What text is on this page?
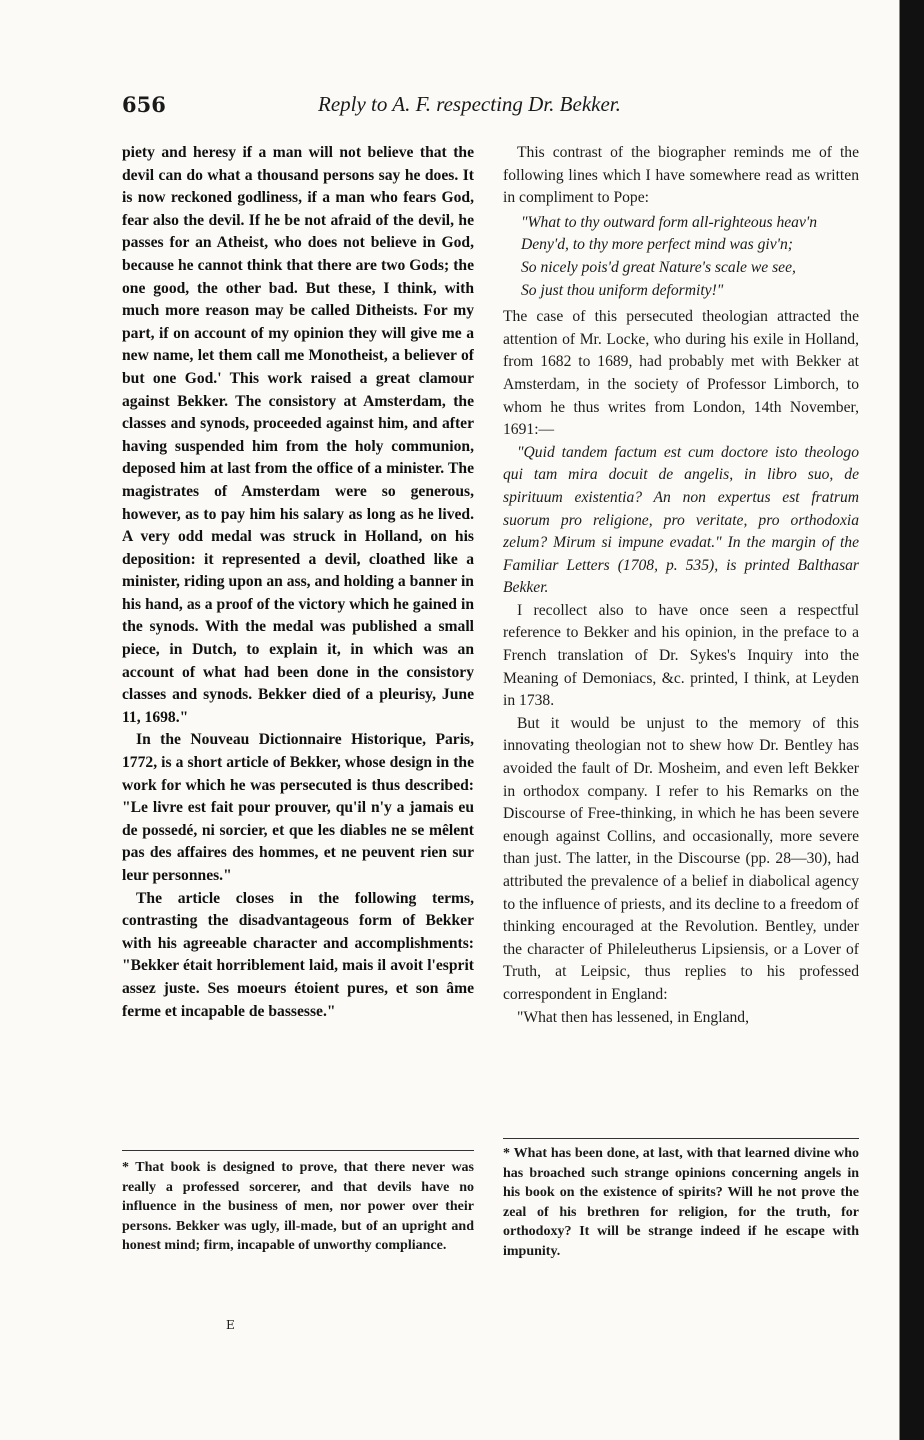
656	Reply to A. F. respecting Dr. Bekker.

piety and heresy if a man will not believe that the devil can do what a thousand persons say he does. It is now reckoned godliness, if a man who fears God, fear also the devil. If he be not afraid of the devil, he passes for an Atheist, who does not believe in God, because he cannot think that there are two Gods; the one good, the other bad. But these, I think, with much more reason may be called Ditheists. For my part, if on account of my opinion they will give me a new name, let them call me Monotheist, a believer of but one God.' This work raised a great clamour against Bekker. The consistory at Amsterdam, the classes and synods, proceeded against him, and after having suspended him from the holy communion, deposed him at last from the office of a minister. The magistrates of Amsterdam were so generous, however, as to pay him his salary as long as he lived. A very odd medal was struck in Holland, on his deposition: it represented a devil, cloathed like a minister, riding upon an ass, and holding a banner in his hand, as a proof of the victory which he gained in the synods. With the medal was published a small piece, in Dutch, to explain it, in which was an account of what had been done in the consistory classes and synods. Bekker died of a pleurisy, June 11, 1698."

In the Nouveau Dictionnaire Historique, Paris, 1772, is a short article of Bekker, whose design in the work for which he was persecuted is thus described: "Le livre est fait pour prouver, qu'il n'y a jamais eu de possedé, ni sorcier, et que les diables ne se mêlent pas des affaires des hommes, et ne peuvent rien sur leur personnes."

The article closes in the following terms, contrasting the disadvantageous form of Bekker with his agreeable character and accomplishments: "Bekker était horriblement laid, mais il avoit l'esprit assez juste. Ses moeurs étoient pures, et son âme ferme et incapable de bassesse."

* That book is designed to prove, that there never was really a professed sorcerer, and that devils have no influence in the business of men, nor power over their persons. Bekker was ugly, ill-made, but of an upright and honest mind; firm, incapable of unworthy compliance.

This contrast of the biographer reminds me of the following lines which I have somewhere read as written in compliment to Pope:

"What to thy outward form all-righteous heav'n
Deny'd, to thy more perfect mind was giv'n;
So nicely pois'd great Nature's scale we see,
So just thou uniform deformity!"

The case of this persecuted theologian attracted the attention of Mr. Locke, who during his exile in Holland, from 1682 to 1689, had probably met with Bekker at Amsterdam, in the society of Professor Limborch, to whom he thus writes from London, 14th November, 1691:—

"Quid tandem factum est cum doctore isto theologo qui tam mira docuit de angelis, in libro suo, de spirituum existentia? An non expertus est fratrum suorum pro religione, pro veritate, pro orthodoxia zelum? Mirum si impune evadat." In the margin of the Familiar Letters (1708, p. 535), is printed Balthasar Bekker.

I recollect also to have once seen a respectful reference to Bekker and his opinion, in the preface to a French translation of Dr. Sykes's Inquiry into the Meaning of Demoniacs, &c. printed, I think, at Leyden in 1738.

But it would be unjust to the memory of this innovating theologian not to shew how Dr. Bentley has avoided the fault of Dr. Mosheim, and even left Bekker in orthodox company. I refer to his Remarks on the Discourse of Free-thinking, in which he has been severe enough against Collins, and occasionally, more severe than just. The latter, in the Discourse (pp. 28—30), had attributed the prevalence of a belief in diabolical agency to the influence of priests, and its decline to a freedom of thinking encouraged at the Revolution. Bentley, under the character of Phileleutherus Lipsiensis, or a Lover of Truth, at Leipsic, thus replies to his professed correspondent in England:

"What then has lessened, in England,

* What has been done, at last, with that learned divine who has broached such strange opinions concerning angels in his book on the existence of spirits? Will he not prove the zeal of his brethren for religion, for the truth, for orthodoxy? It will be strange indeed if he escape with impunity.
E
